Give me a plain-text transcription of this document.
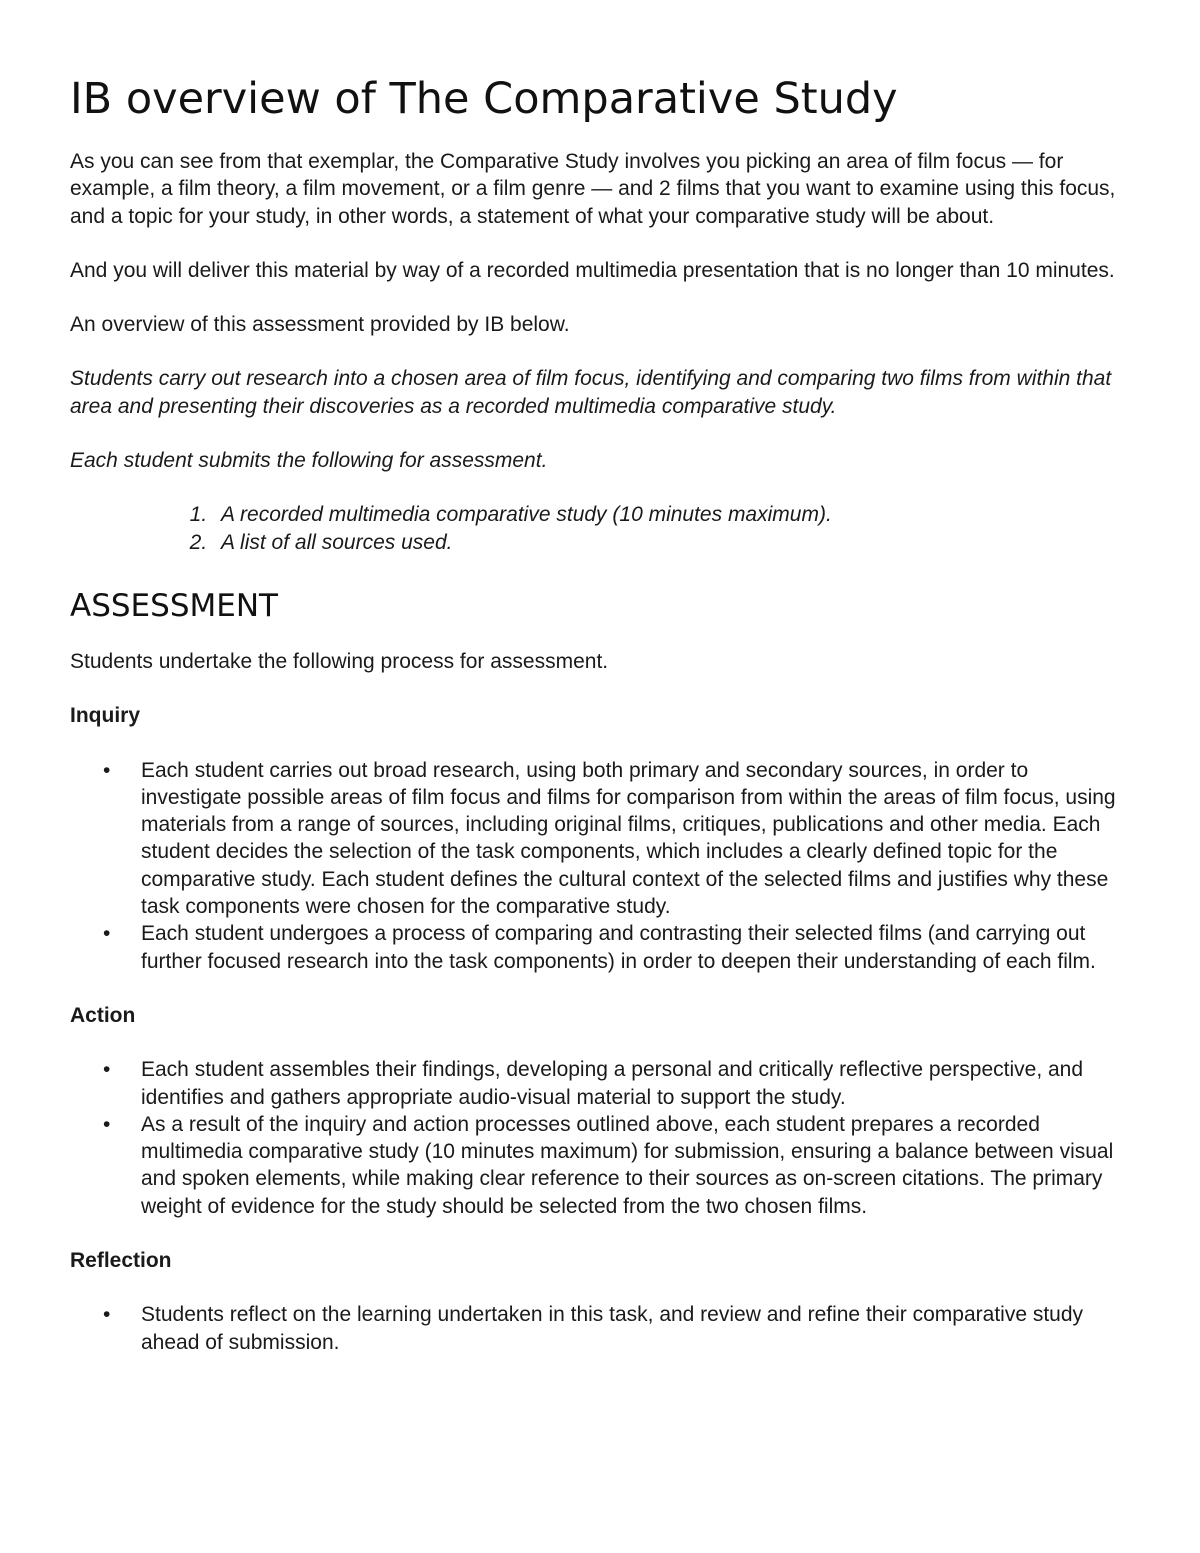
IB overview of The Comparative Study

As you can see from that exemplar, the Comparative Study involves you picking an area of film focus — for example, a film theory, a film movement, or a film genre — and 2 films that you want to examine using this focus, and a topic for your study, in other words, a statement of what your comparative study will be about.

And you will deliver this material by way of a recorded multimedia presentation that is no longer than 10 minutes.

An overview of this assessment provided by IB below.

Students carry out research into a chosen area of film focus, identifying and comparing two films from within that area and presenting their discoveries as a recorded multimedia comparative study.

Each student submits the following for assessment.

1. A recorded multimedia comparative study (10 minutes maximum).
2. A list of all sources used.
ASSESSMENT

Students undertake the following process for assessment.

Inquiry
• Each student carries out broad research, using both primary and secondary sources, in order to investigate possible areas of film focus and films for comparison from within the areas of film focus, using materials from a range of sources, including original films, critiques, publications and other media. Each student decides the selection of the task components, which includes a clearly defined topic for the comparative study. Each student defines the cultural context of the selected films and justifies why these task components were chosen for the comparative study.
• Each student undergoes a process of comparing and contrasting their selected films (and carrying out further focused research into the task components) in order to deepen their understanding of each film.
Action
• Each student assembles their findings, developing a personal and critically reflective perspective, and identifies and gathers appropriate audio-visual material to support the study.
• As a result of the inquiry and action processes outlined above, each student prepares a recorded multimedia comparative study (10 minutes maximum) for submission, ensuring a balance between visual and spoken elements, while making clear reference to their sources as on-screen citations. The primary weight of evidence for the study should be selected from the two chosen films.
Reflection
• Students reflect on the learning undertaken in this task, and review and refine their comparative study ahead of submission.
